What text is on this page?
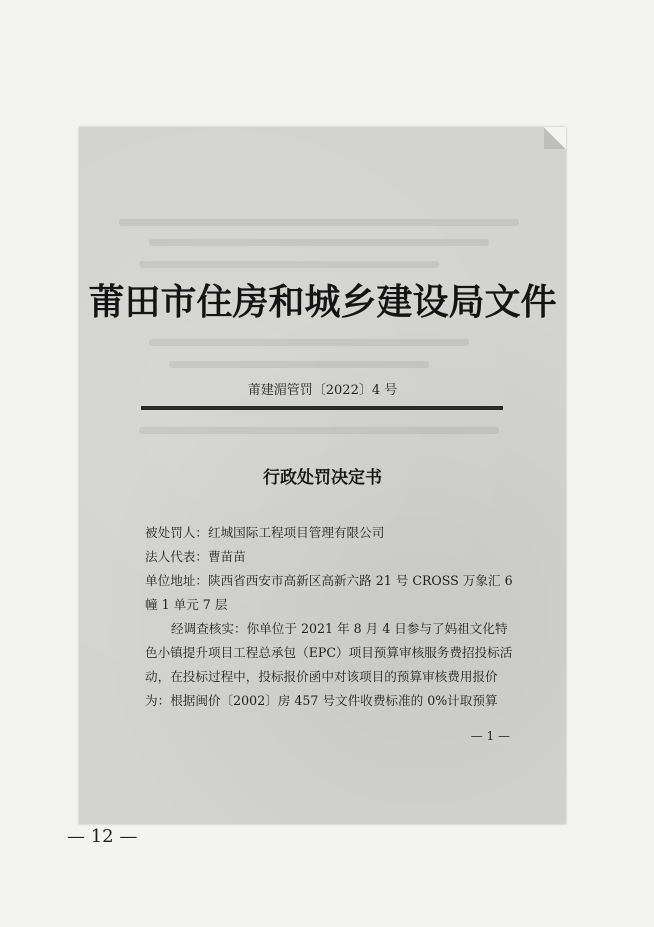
莆田市住房和城乡建设局文件
莆建湄管罚〔2022〕4 号
行政处罚决定书

被处罚人：红城国际工程项目管理有限公司

法人代表：曹苗苗

单位地址：陕西省西安市高新区高新六路 21 号 CROSS 万象汇 6 幢 1 单元 7 层

经调查核实：你单位于 2021 年 8 月 4 日参与了妈祖文化特色小镇提升项目工程总承包（EPC）项目预算审核服务费招投标活动，在投标过程中，投标报价函中对该项目的预算审核费用报价为：根据闽价〔2002〕房 457 号文件收费标准的 0%计取预算

— 1 —
— 12 —
